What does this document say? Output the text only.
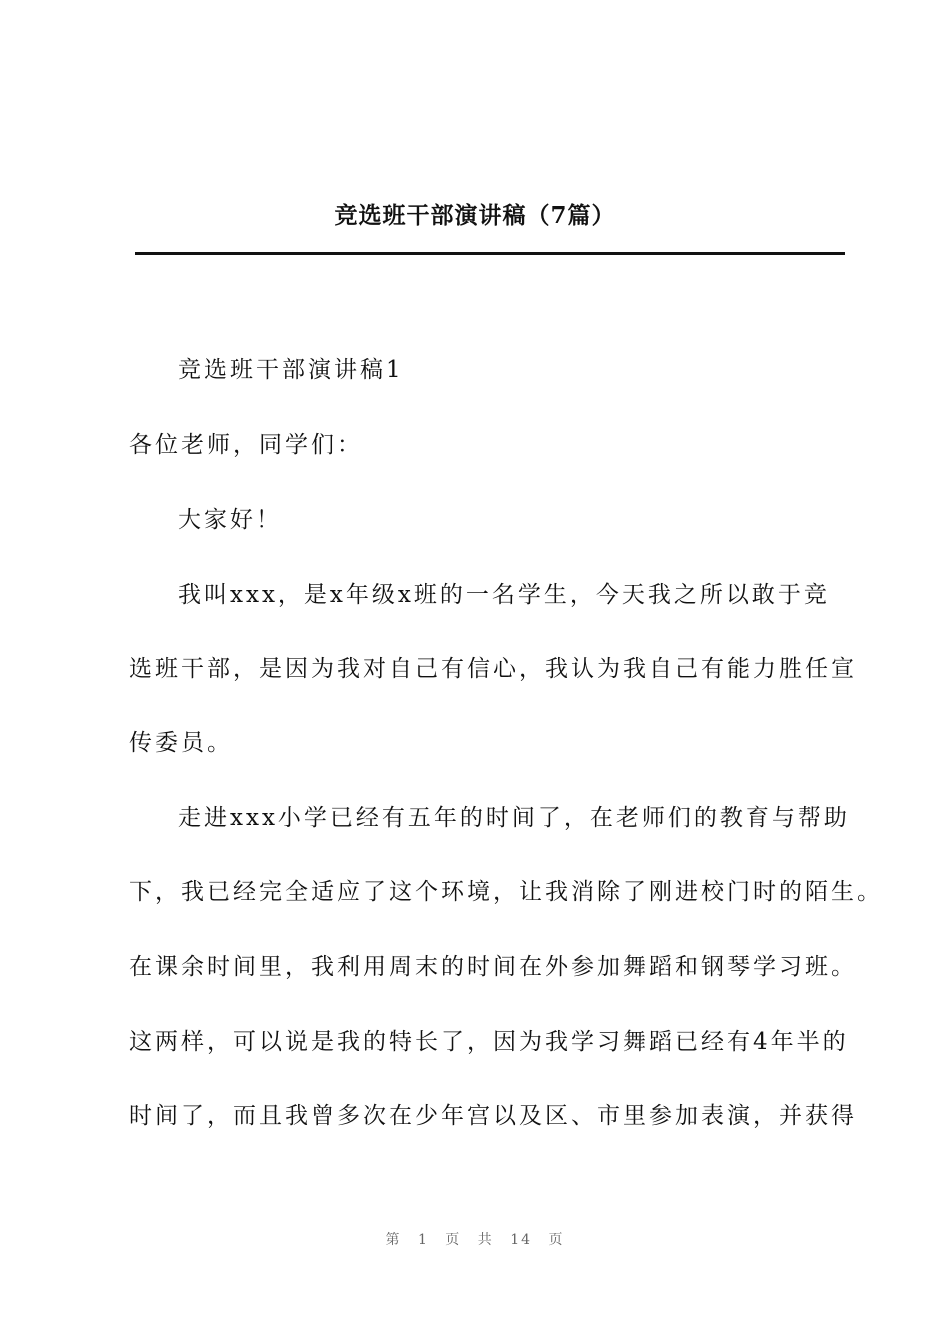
竞选班干部演讲稿（7篇）
竞选班干部演讲稿1
各位老师，同学们：
大家好！
我叫xxx，是x年级x班的一名学生，今天我之所以敢于竞
选班干部，是因为我对自己有信心，我认为我自己有能力胜任宣
传委员。
走进xxx小学已经有五年的时间了，在老师们的教育与帮助
下，我已经完全适应了这个环境，让我消除了刚进校门时的陌生。
在课余时间里，我利用周末的时间在外参加舞蹈和钢琴学习班。
这两样，可以说是我的特长了，因为我学习舞蹈已经有4年半的
时间了，而且我曾多次在少年宫以及区、市里参加表演，并获得
第 1 页 共 14 页
